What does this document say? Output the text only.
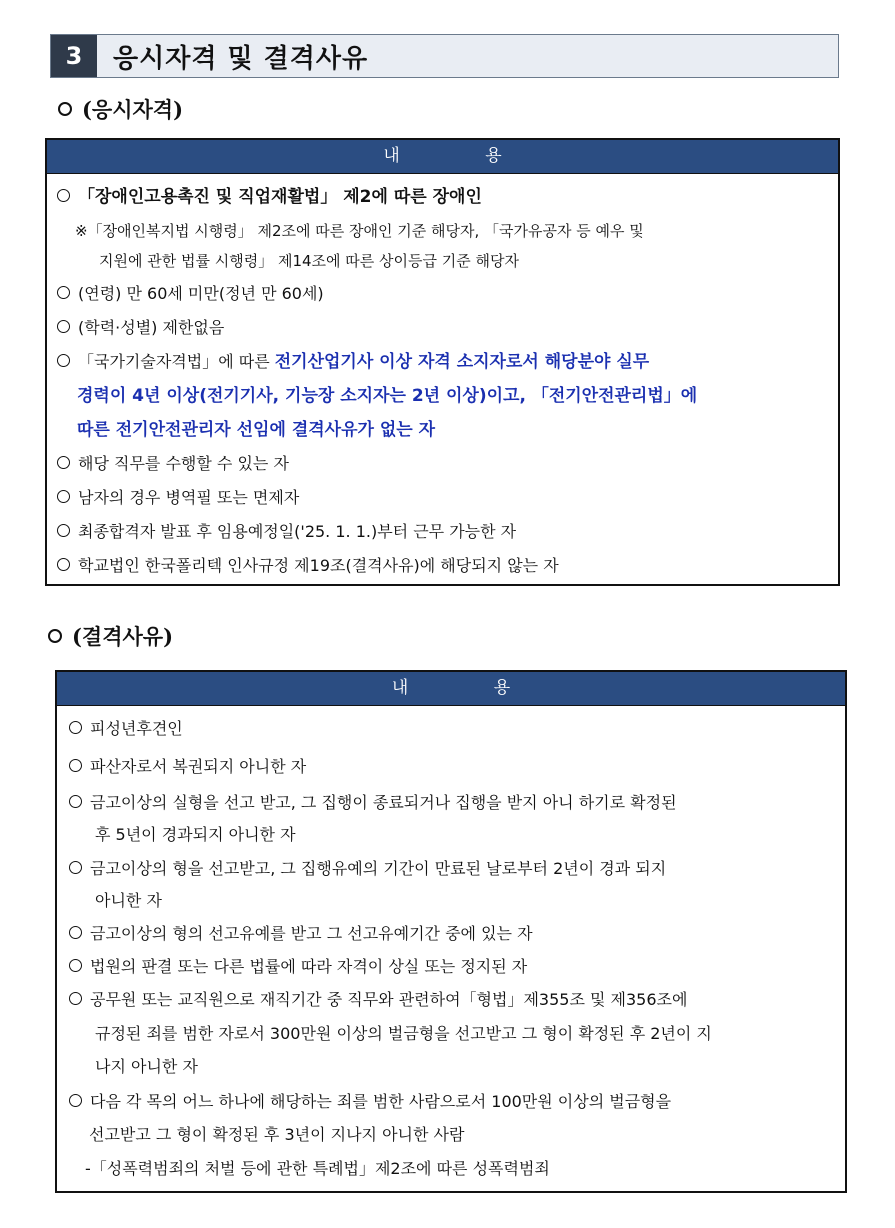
3	응시자격 및 결격사유
(응시자격)
내 용
「장애인고용촉진 및 직업재활법」 제2에 따른 장애인
※「장애인복지법 시행령」 제2조에 따른 장애인 기준 해당자, 「국가유공자 등 예우 및
지원에 관한 법률 시행령」 제14조에 따른 상이등급 기준 해당자
(연령) 만 60세 미만(정년 만 60세)
(학력·성별) 제한없음
「국가기술자격법」에 따른 전기산업기사 이상 자격 소지자로서 해당분야 실무
경력이 4년 이상(전기기사, 기능장 소지자는 2년 이상)이고, 「전기안전관리법」에
따른 전기안전관리자 선임에 결격사유가 없는 자
해당 직무를 수행할 수 있는 자
남자의 경우 병역필 또는 면제자
최종합격자 발표 후 임용예정일('25. 1. 1.)부터 근무 가능한 자
학교법인 한국폴리텍 인사규정 제19조(결격사유)에 해당되지 않는 자
(결격사유)
내 용
피성년후견인
파산자로서 복권되지 아니한 자
금고이상의 실형을 선고 받고, 그 집행이 종료되거나 집행을 받지 아니 하기로 확정된
후 5년이 경과되지 아니한 자
금고이상의 형을 선고받고, 그 집행유예의 기간이 만료된 날로부터 2년이 경과 되지
아니한 자
금고이상의 형의 선고유예를 받고 그 선고유예기간 중에 있는 자
법원의 판결 또는 다른 법률에 따라 자격이 상실 또는 정지된 자
공무원 또는 교직원으로 재직기간 중 직무와 관련하여「형법」제355조 및 제356조에
규정된 죄를 범한 자로서 300만원 이상의 벌금형을 선고받고 그 형이 확정된 후 2년이 지
나지 아니한 자
다음 각 목의 어느 하나에 해당하는 죄를 범한 사람으로서 100만원 이상의 벌금형을
선고받고 그 형이 확정된 후 3년이 지나지 아니한 사람
-「성폭력범죄의 처벌 등에 관한 특례법」제2조에 따른 성폭력범죄
